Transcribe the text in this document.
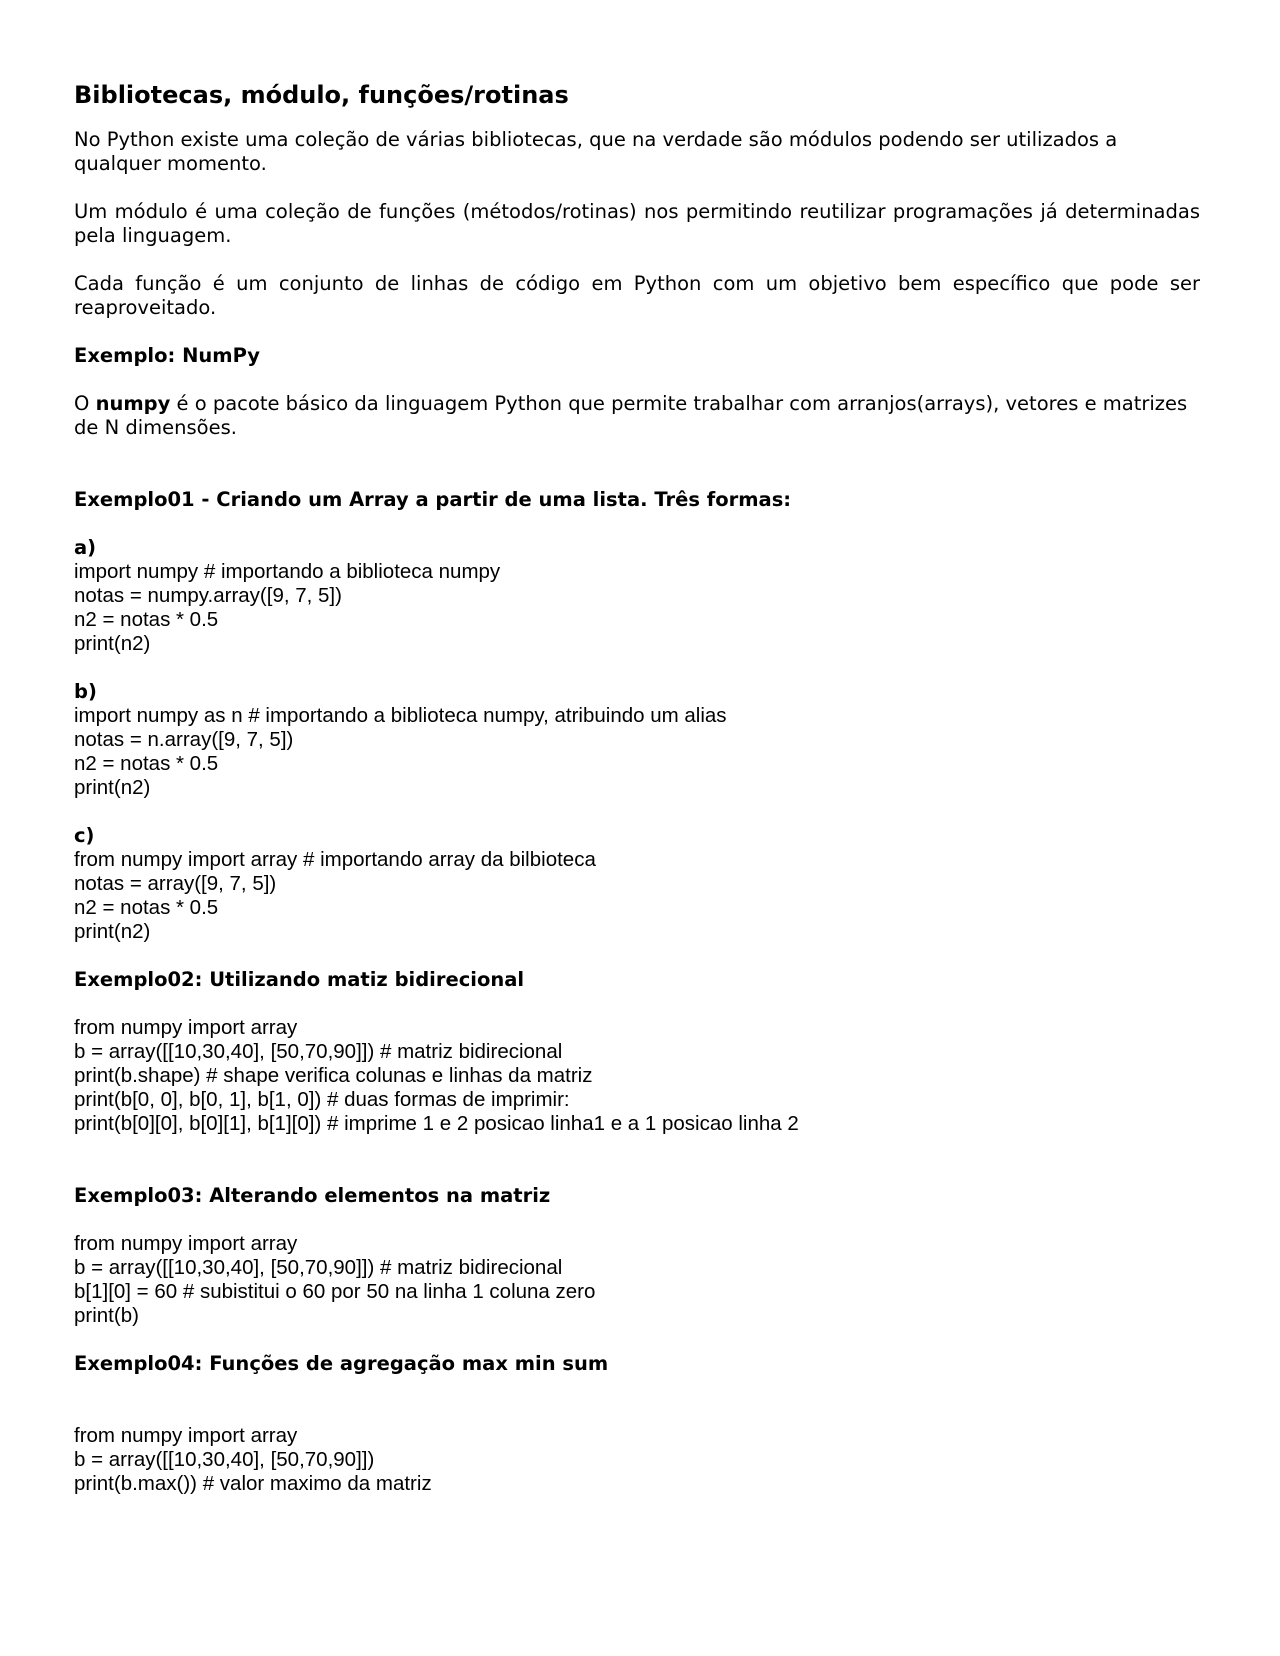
Bibliotecas, módulo, funções/rotinas

No Python existe uma coleção de várias bibliotecas, que na verdade são módulos podendo ser utilizados a qualquer momento.

Um módulo é uma coleção de funções (métodos/rotinas) nos permitindo reutilizar programações já determinadas pela linguagem.

Cada função é um conjunto de linhas de código em Python com um objetivo bem específico que pode ser reaproveitado.

Exemplo: NumPy

O numpy é o pacote básico da linguagem Python que permite trabalhar com arranjos(arrays), vetores e matrizes de N dimensões.

Exemplo01 - Criando um Array a partir de uma lista. Três formas:
a)
import numpy # importando a biblioteca numpy
notas = numpy.array([9, 7, 5])
n2 = notas * 0.5
print(n2)
b)
import numpy as n # importando a biblioteca numpy, atribuindo um alias
notas = n.array([9, 7, 5])
n2 = notas * 0.5
print(n2)
c)
from numpy import array # importando array da bilbioteca
notas = array([9, 7, 5])
n2 = notas * 0.5
print(n2)
Exemplo02: Utilizando matiz bidirecional
from numpy import array
b = array([[10,30,40], [50,70,90]]) # matriz bidirecional
print(b.shape) # shape verifica colunas e linhas da matriz
print(b[0, 0], b[0, 1], b[1, 0]) # duas formas de imprimir:
print(b[0][0], b[0][1], b[1][0]) # imprime 1 e 2 posicao linha1 e a 1 posicao linha 2
Exemplo03: Alterando elementos na matriz
from numpy import array
b = array([[10,30,40], [50,70,90]]) # matriz bidirecional
b[1][0] = 60 # subistitui o 60 por 50 na linha 1 coluna zero
print(b)
Exemplo04: Funções de agregação max min sum
from numpy import array
b = array([[10,30,40], [50,70,90]])
print(b.max()) # valor maximo da matriz
